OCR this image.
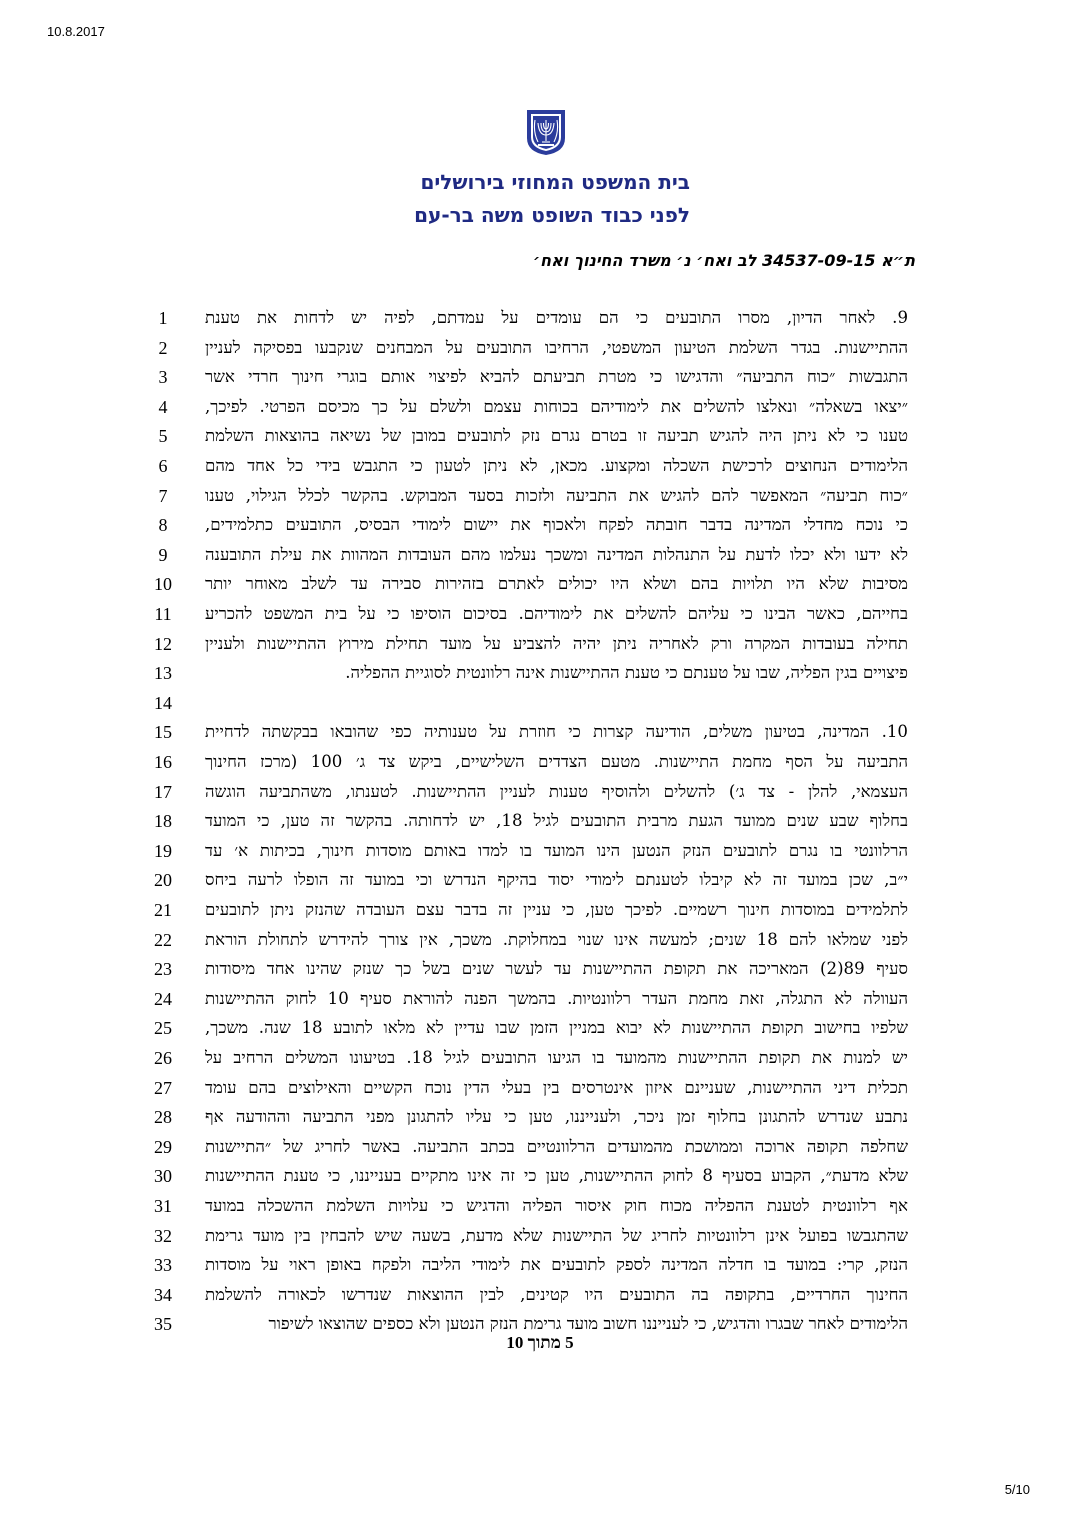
10.8.2017
בית המשפט המחוזי בירושלים
לפני כבוד השופט משה בר-עם
ת״א 34537-09-15 לב ואח׳ נ׳ משרד החינוך ואח׳
1	9. לאחר הדיון, מסרו התובעים כי הם עומדים על עמדתם, לפיה יש לדחות את טענת
2	ההתיישנות. בגדר השלמת הטיעון המשפטי, הרחיבו התובעים על המבחנים שנקבעו בפסיקה לעניין
3	התגבשות ״כוח התביעה״ והדגישו כי מטרת תביעתם להביא לפיצוי אותם בוגרי חינוך חרדי אשר
4	״יצאו בשאלה״ ונאלצו להשלים את לימודיהם בכוחות עצמם ולשלם על כך מכיסם הפרטי. לפיכך,
5	טענו כי לא ניתן היה להגיש תביעה זו בטרם נגרם נזק לתובעים במובן של נשיאה בהוצאות השלמת
6	הלימודים הנחוצים לרכישת השכלה ומקצוע. מכאן, לא ניתן לטעון כי התגבש בידי כל אחד מהם
7	״כוח תביעה״ המאפשר להם להגיש את התביעה ולזכות בסעד המבוקש. בהקשר לכלל הגילוי, טענו
8	כי נוכח מחדלי המדינה בדבר חובתה לפקח ולאכוף את יישום לימודי הבסיס, התובעים כתלמידים,
9	לא ידעו ולא יכלו לדעת על התנהלות המדינה ומשכך נעלמו מהם העובדות המהוות את עילת התובענה
10	מסיבות שלא היו תלויות בהם ושלא היו יכולים לאתרם בזהירות סבירה עד לשלב מאוחר יותר
11	בחייהם, כאשר הבינו כי עליהם להשלים את לימודיהם. בסיכום הוסיפו כי על בית המשפט להכריע
12	תחילה בעובדות המקרה ורק לאחריה ניתן יהיה להצביע על מועד תחילת מירוץ ההתיישנות ולעניין
13	פיצויים בגין הפליה, שבו על טענתם כי טענת ההתיישנות אינה רלוונטית לסוגיית ההפליה.
14
15	10. המדינה, בטיעון משלים, הודיעה קצרות כי חוזרת על טענותיה כפי שהובאו בבקשתה לדחיית
16	התביעה על הסף מחמת התיישנות. מטעם הצדדים השלישיים, ביקש צד ג׳ 100 (מרכז החינוך
17	העצמאי, להלן - צד ג׳) להשלים ולהוסיף טענות לעניין ההתיישנות. לטענתו, משהתביעה הוגשה
18	בחלוף שבע שנים ממועד הגעת מרבית התובעים לגיל 18, יש לדחותה. בהקשר זה טען, כי המועד
19	הרלוונטי בו נגרם לתובעים הנזק הנטען הינו המועד בו למדו באותם מוסדות חינוך, בכיתות א׳ עד
20	י״ב, שכן במועד זה לא קיבלו לטענתם לימודי יסוד בהיקף הנדרש וכי במועד זה הופלו לרעה ביחס
21	לתלמידים במוסדות חינוך רשמיים. לפיכך טען, כי עניין זה בדבר עצם העובדה שהנזק ניתן לתובעים
22	לפני שמלאו להם 18 שנים; למעשה אינו שנוי במחלוקת. משכך, אין צורך להידרש לתחולת הוראת
23	סעיף 89(2) המאריכה את תקופת ההתיישנות עד לעשר שנים בשל כך שנזק שהינו אחד מיסודות
24	העוולה לא התגלה, זאת מחמת העדר רלוונטיות. בהמשך הפנה להוראת סעיף 10 לחוק ההתיישנות
25	שלפיו בחישוב תקופת ההתיישנות לא יבוא במניין הזמן שבו עדיין לא מלאו לתובע 18 שנה. משכך,
26	יש למנות את תקופת ההתיישנות מהמועד בו הגיעו התובעים לגיל 18. בטיעונו המשלים הרחיב על
27	תכלית דיני ההתיישנות, שעניינם איזון אינטרסים בין בעלי הדין נוכח הקשיים והאילוצים בהם עומד
28	נתבע שנדרש להתגונן בחלוף זמן ניכר, ולענייננו, טען כי עליו להתגונן מפני התביעה וההודעה אף
29	שחלפה תקופה ארוכה וממושכת מהמועדים הרלוונטיים בכתב התביעה. באשר לחריג של ״התיישנות
30	שלא מדעת״, הקבוע בסעיף 8 לחוק ההתיישנות, טען כי זה אינו מתקיים בענייננו, כי טענת ההתיישנות
31	אף רלוונטית לטענת ההפליה מכוח חוק איסור הפליה והדגיש כי עלויות השלמת ההשכלה במועד
32	שהתגבשו בפועל אינן רלוונטיות לחריג של התיישנות שלא מדעת, בשעה שיש להבחין בין מועד גרימת
33	הנזק, קרי: במועד בו חדלה המדינה לספק לתובעים את לימודי הליבה ולפקח באופן ראוי על מוסדות
34	החינוך החרדיים, בתקופה בה התובעים היו קטינים, לבין ההוצאות שנדרשו לכאורה להשלמת
35	הלימודים לאחר שבגרו והדגיש, כי לענייננו חשוב מועד גרימת הנזק הנטען ולא כספים שהוצאו לשיפור
5 מתוך 10
5/10
